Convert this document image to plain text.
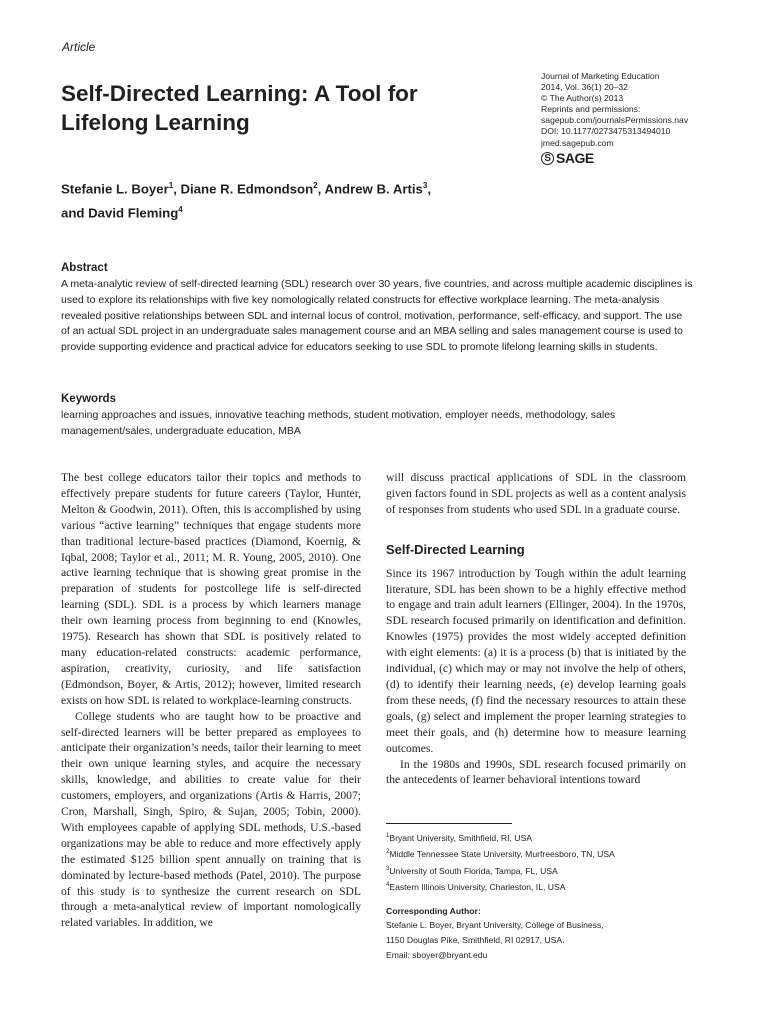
Article
Self-Directed Learning: A Tool for Lifelong Learning
Journal of Marketing Education
2014, Vol. 36(1) 20–32
© The Author(s) 2013
Reprints and permissions:
sagepub.com/journalsPermissions.nav
DOI: 10.1177/0273475313494010
jmed.sagepub.com
S SAGE
Stefanie L. Boyer$^1$, Diane R. Edmondson$^2$, Andrew B. Artis$^3$,
and David Fleming$^4$
Abstract
A meta-analytic review of self-directed learning (SDL) research over 30 years, five countries, and across multiple academic disciplines is used to explore its relationships with five key nomologically related constructs for effective workplace learning. The meta-analysis revealed positive relationships between SDL and internal locus of control, motivation, performance, self-efficacy, and support. The use of an actual SDL project in an undergraduate sales management course and an MBA selling and sales management course is used to provide supporting evidence and practical advice for educators seeking to use SDL to promote lifelong learning skills in students.
Keywords
learning approaches and issues, innovative teaching methods, student motivation, employer needs, methodology, sales management/sales, undergraduate education, MBA

The best college educators tailor their topics and methods to effectively prepare students for future careers (Taylor, Hunter, Melton & Goodwin, 2011). Often, this is accomplished by using various “active learning” techniques that engage students more than traditional lecture-based practices (Diamond, Koernig, & Iqbal, 2008; Taylor et al., 2011; M. R. Young, 2005, 2010). One active learning technique that is showing great promise in the preparation of students for postcollege life is self-directed learning (SDL). SDL is a process by which learners manage their own learning process from beginning to end (Knowles, 1975). Research has shown that SDL is positively related to many education-related constructs: academic performance, aspiration, creativity, curiosity, and life satisfaction (Edmondson, Boyer, & Artis, 2012); however, limited research exists on how SDL is related to workplace-learning constructs.

College students who are taught how to be proactive and self-directed learners will be better prepared as employees to anticipate their organization’s needs, tailor their learning to meet their own unique learning styles, and acquire the necessary skills, knowledge, and abilities to create value for their customers, employers, and organizations (Artis & Harris, 2007; Cron, Marshall, Singh, Spiro, & Sujan, 2005; Tobin, 2000). With employees capable of applying SDL methods, U.S.-based organizations may be able to reduce and more effectively apply the estimated $125 billion spent annually on training that is dominated by lecture-based methods (Patel, 2010). The purpose of this study is to synthesize the current research on SDL through a meta-analytical review of important nomologically related variables. In addition, we

will discuss practical applications of SDL in the classroom given factors found in SDL projects as well as a content analysis of responses from students who used SDL in a graduate course.

Self-Directed Learning

Since its 1967 introduction by Tough within the adult learning literature, SDL has been shown to be a highly effective method to engage and train adult learners (Ellinger, 2004). In the 1970s, SDL research focused primarily on identification and definition. Knowles (1975) provides the most widely accepted definition with eight elements: (a) it is a process (b) that is initiated by the individual, (c) which may or may not involve the help of others, (d) to identify their learning needs, (e) develop learning goals from these needs, (f) find the necessary resources to attain these goals, (g) select and implement the proper learning strategies to meet their goals, and (h) determine how to measure learning outcomes.

In the 1980s and 1990s, SDL research focused primarily on the antecedents of learner behavioral intentions toward

$^1$Bryant University, Smithfield, RI, USA
$^2$Middle Tennessee State University, Murfreesboro, TN, USA
$^3$University of South Florida, Tampa, FL, USA
$^4$Eastern Illinois University, Charleston, IL, USA
Corresponding Author:
Stefanie L. Boyer, Bryant University, College of Business,
1150 Douglas Pike, Smithfield, RI 02917, USA.
Email: sboyer@bryant.edu
